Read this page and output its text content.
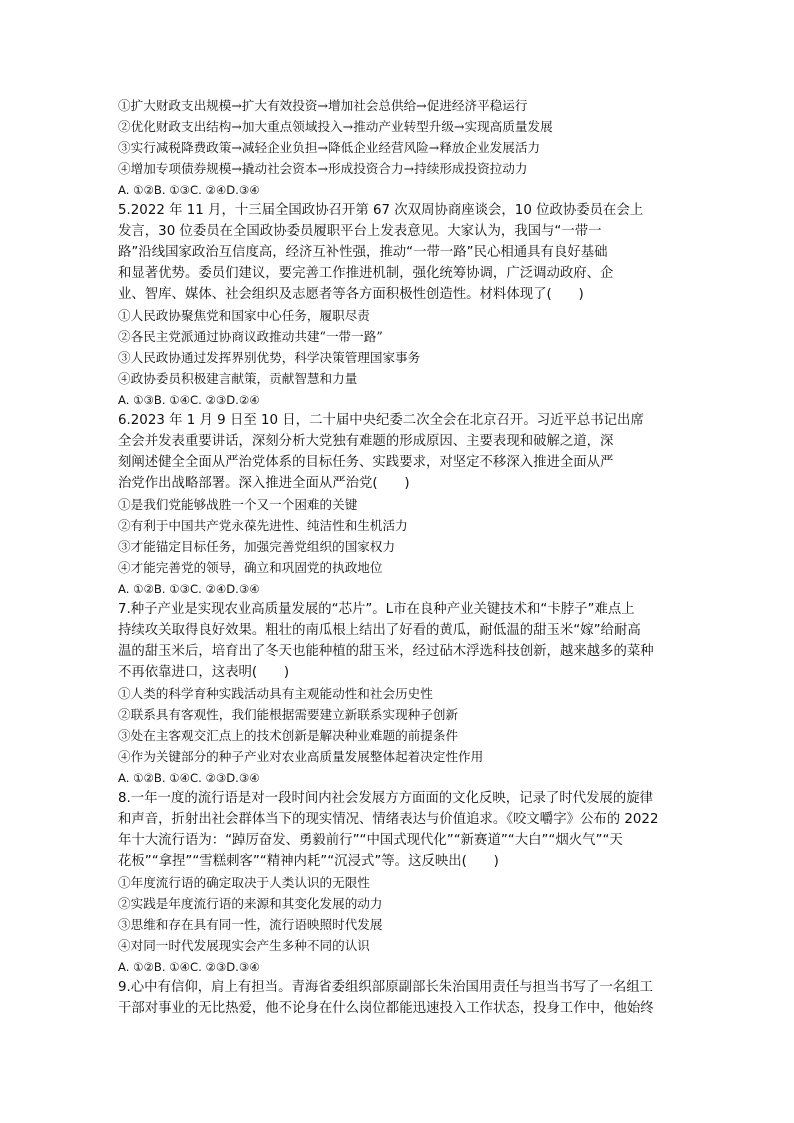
①扩大财政支出规模→扩大有效投资→增加社会总供给→促进经济平稳运行
②优化财政支出结构→加大重点领域投入→推动产业转型升级→实现高质量发展
③实行减税降费政策→减轻企业负担→降低企业经营风险→释放企业发展活力
④增加专项债券规模→撬动社会资本→形成投资合力→持续形成投资拉动力
A. ①②B. ①③C. ②④D.③④
5.2022 年 11 月，十三届全国政协召开第 67 次双周协商座谈会，10 位政协委员在会上
发言，30 位委员在全国政协委员履职平台上发表意见。大家认为，我国与“一带一
路”沿线国家政治互信度高，经济互补性强，推动“一带一路”民心相通具有良好基础
和显著优势。委员们建议，要完善工作推进机制，强化统筹协调，广泛调动政府、企
业、智库、媒体、社会组织及志愿者等各方面积极性创造性。材料体现了(　　)
①人民政协聚焦党和国家中心任务，履职尽责
②各民主党派通过协商议政推动共建“一带一路”
③人民政协通过发挥界别优势，科学决策管理国家事务
④政协委员积极建言献策，贡献智慧和力量
A. ①③B. ①④C. ②③D.②④
6.2023 年 1 月 9 日至 10 日，二十届中央纪委二次全会在北京召开。习近平总书记出席
全会并发表重要讲话，深刻分析大党独有难题的形成原因、主要表现和破解之道，深
刻阐述健全全面从严治党体系的目标任务、实践要求，对坚定不移深入推进全面从严
治党作出战略部署。深入推进全面从严治党(　　)
①是我们党能够战胜一个又一个困难的关键
②有利于中国共产党永葆先进性、纯洁性和生机活力
③才能锚定目标任务，加强完善党组织的国家权力
④才能完善党的领导，确立和巩固党的执政地位
A. ①②B. ①③C. ②④D.③④
7.种子产业是实现农业高质量发展的“芯片”。L市在良种产业关键技术和“卡脖子”难点上
持续攻关取得良好效果。粗壮的南瓜根上结出了好看的黄瓜，耐低温的甜玉米“嫁”给耐高
温的甜玉米后，培育出了冬天也能种植的甜玉米，经过砧木浮选科技创新，越来越多的菜种
不再依靠进口，这表明(　　)
①人类的科学育种实践活动具有主观能动性和社会历史性
②联系具有客观性，我们能根据需要建立新联系实现种子创新
③处在主客观交汇点上的技术创新是解决种业难题的前提条件
④作为关键部分的种子产业对农业高质量发展整体起着决定性作用
A. ①②B. ①④C. ②③D.③④
8.一年一度的流行语是对一段时间内社会发展方方面面的文化反映，记录了时代发展的旋律
和声音，折射出社会群体当下的现实情况、情绪表达与价值追求。《咬文嚼字》公布的 2022
年十大流行语为：“踔厉奋发、勇毅前行”“中国式现代化”“新赛道”“大白”“烟火气”“天
花板”“拿捏”“雪糕刺客”“精神内耗”“沉浸式”等。这反映出(　　)
①年度流行语的确定取决于人类认识的无限性
②实践是年度流行语的来源和其变化发展的动力
③思维和存在具有同一性，流行语映照时代发展
④对同一时代发展现实会产生多种不同的认识
A. ①②B. ①④C. ②③D.③④
9.心中有信仰，肩上有担当。青海省委组织部原副部长朱治国用责任与担当书写了一名组工
干部对事业的无比热爱，他不论身在什么岗位都能迅速投入工作状态，投身工作中，他始终
